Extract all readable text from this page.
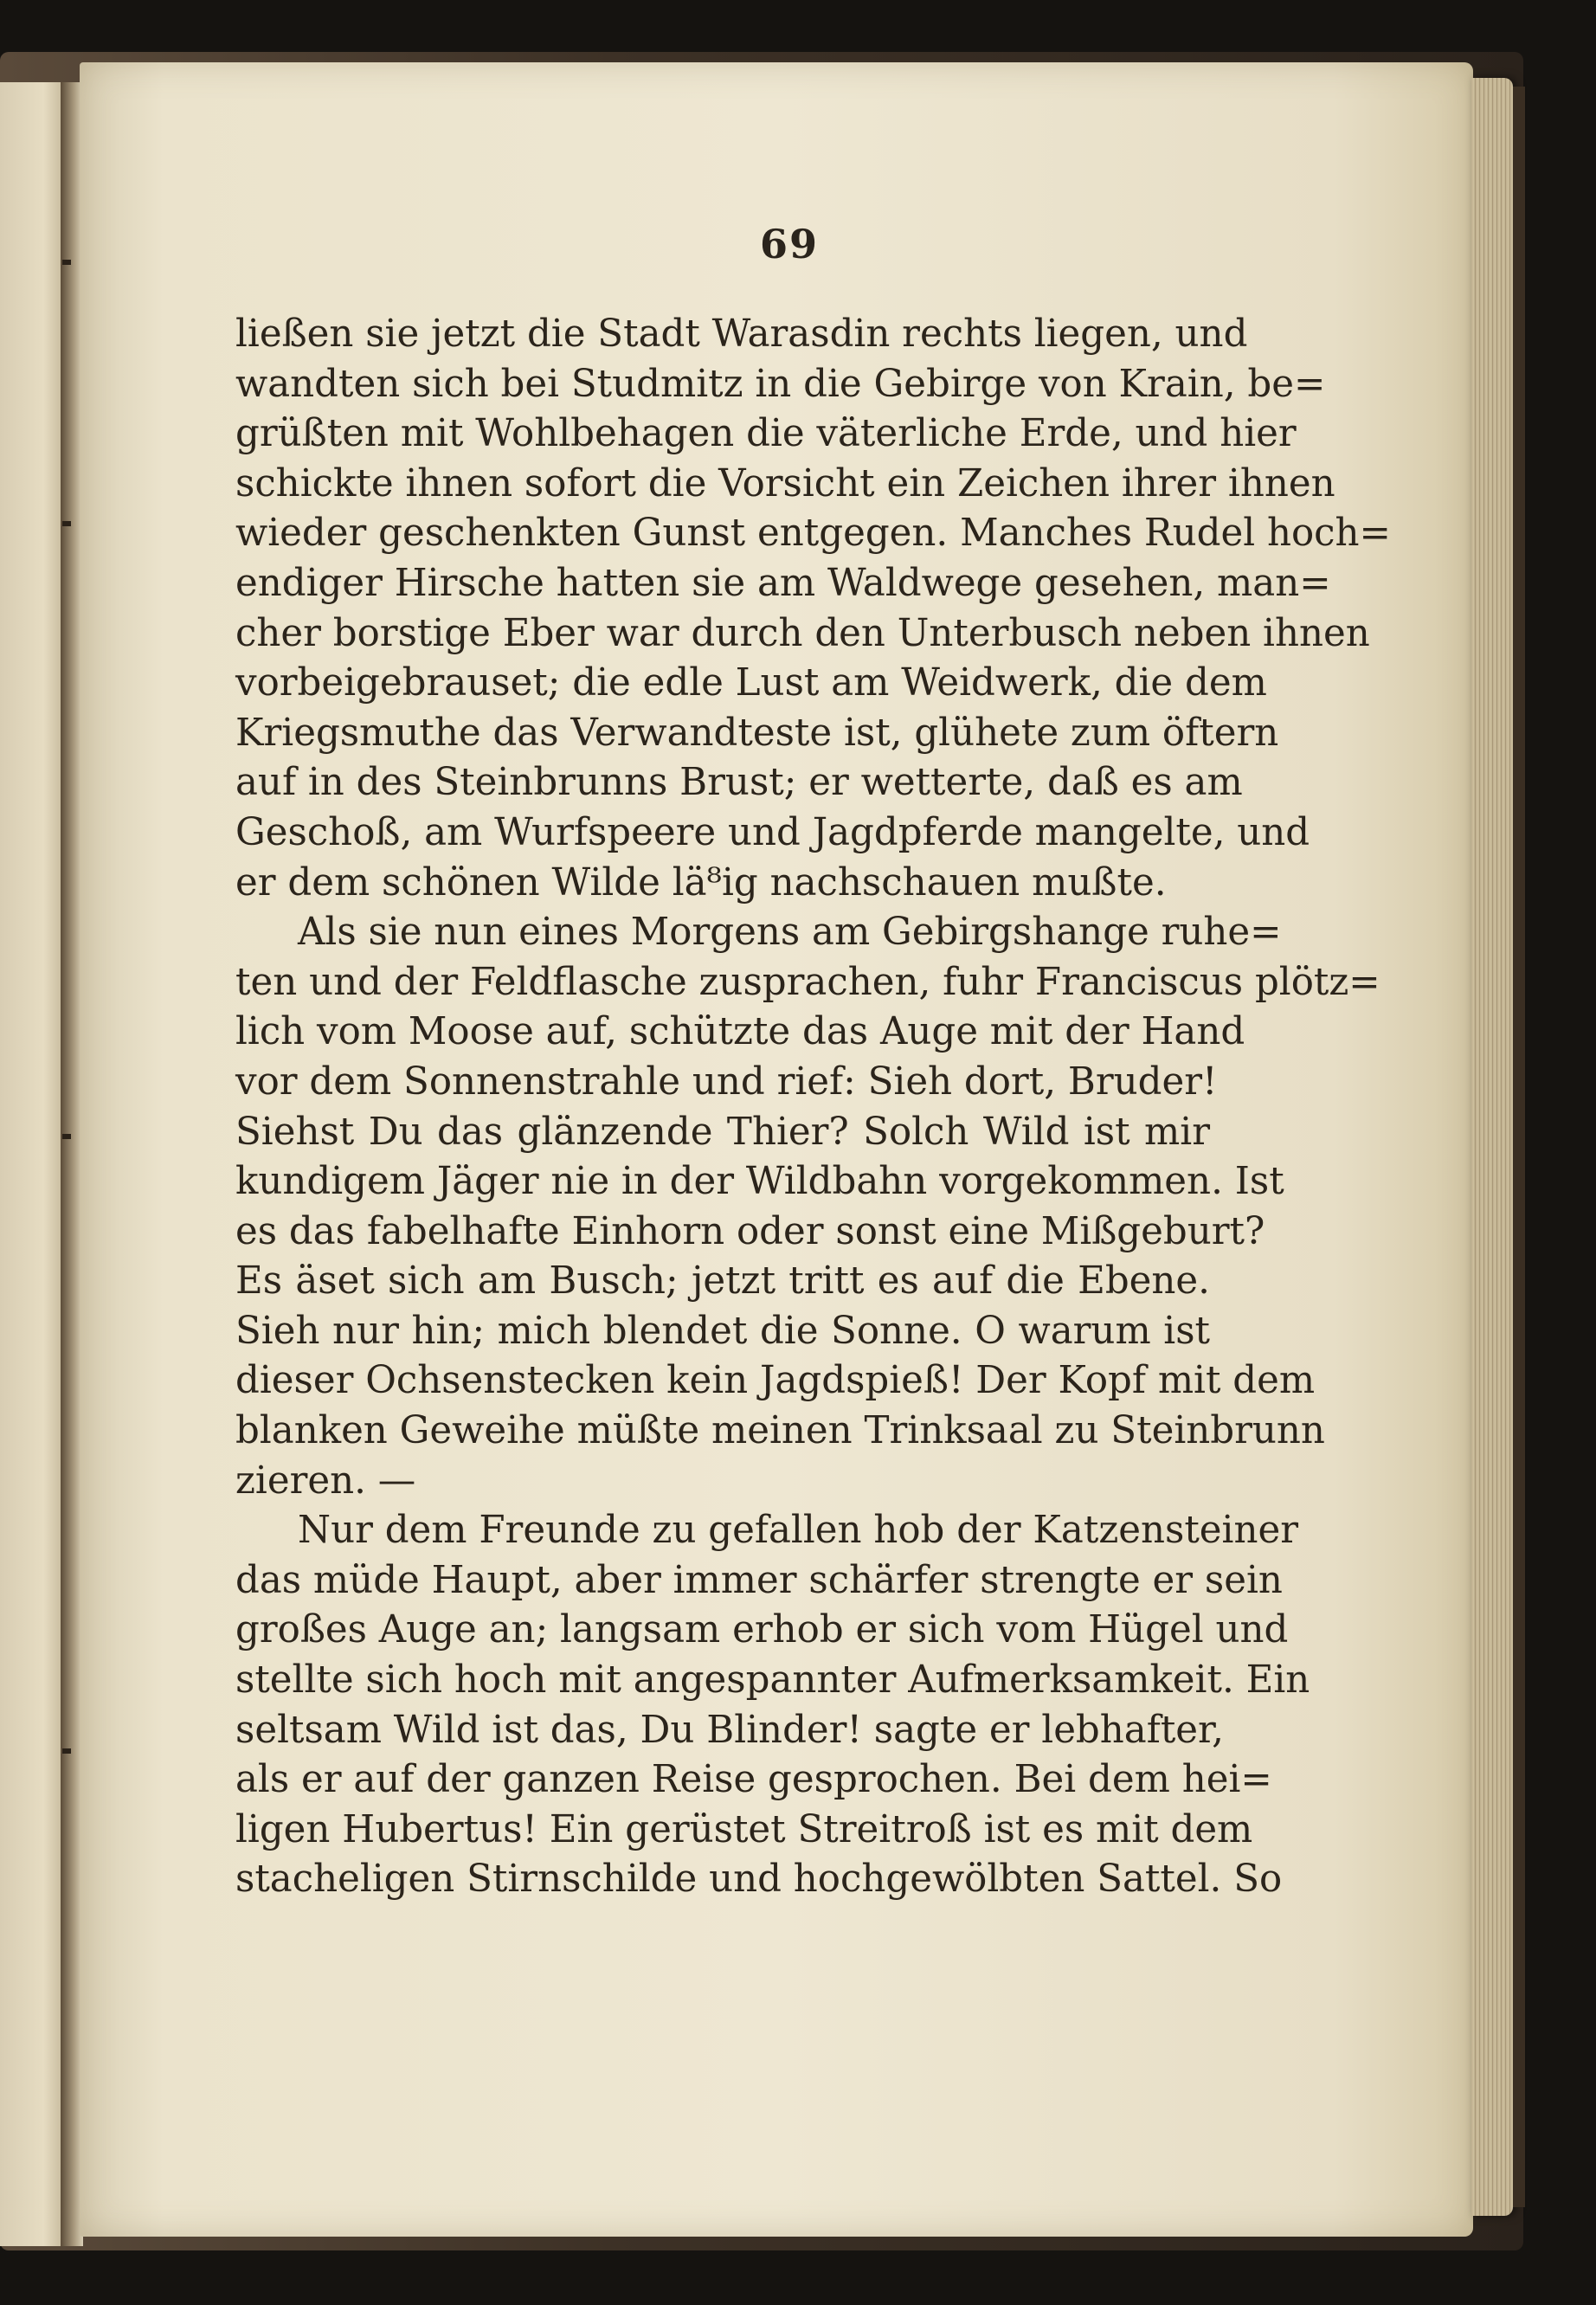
69
ließen sie jetzt die Stadt Warasdin rechts liegen, und
wandten sich bei Studmitz in die Gebirge von Krain, be=
grüßten mit Wohlbehagen die väterliche Erde, und hier
schickte ihnen sofort die Vorsicht ein Zeichen ihrer ihnen
wieder geschenkten Gunst entgegen. Manches Rudel hoch=
endiger Hirsche hatten sie am Waldwege gesehen, man=
cher borstige Eber war durch den Unterbusch neben ihnen
vorbeigebrauset; die edle Lust am Weidwerk, die dem
Kriegsmuthe das Verwandteste ist, glühete zum öftern
auf in des Steinbrunns Brust; er wetterte, daß es am
Geschoß, am Wurfspeere und Jagdpferde mangelte, und
er dem schönen Wilde lä⁸ig nachschauen mußte.
Als sie nun eines Morgens am Gebirgshange ruhe=
ten und der Feldflasche zusprachen, fuhr Franciscus plötz=
lich vom Moose auf, schützte das Auge mit der Hand
vor dem Sonnenstrahle und rief: Sieh dort, Bruder!
Siehst Du das glänzende Thier? Solch Wild ist mir
kundigem Jäger nie in der Wildbahn vorgekommen. Ist
es das fabelhafte Einhorn oder sonst eine Mißgeburt?
Es äset sich am Busch; jetzt tritt es auf die Ebene.
Sieh nur hin; mich blendet die Sonne. O warum ist
dieser Ochsenstecken kein Jagdspieß! Der Kopf mit dem
blanken Geweihe müßte meinen Trinksaal zu Steinbrunn
zieren. —
Nur dem Freunde zu gefallen hob der Katzensteiner
das müde Haupt, aber immer schärfer strengte er sein
großes Auge an; langsam erhob er sich vom Hügel und
stellte sich hoch mit angespannter Aufmerksamkeit. Ein
seltsam Wild ist das, Du Blinder! sagte er lebhafter,
als er auf der ganzen Reise gesprochen. Bei dem hei=
ligen Hubertus! Ein gerüstet Streitroß ist es mit dem
stacheligen Stirnschilde und hochgewölbten Sattel. So
